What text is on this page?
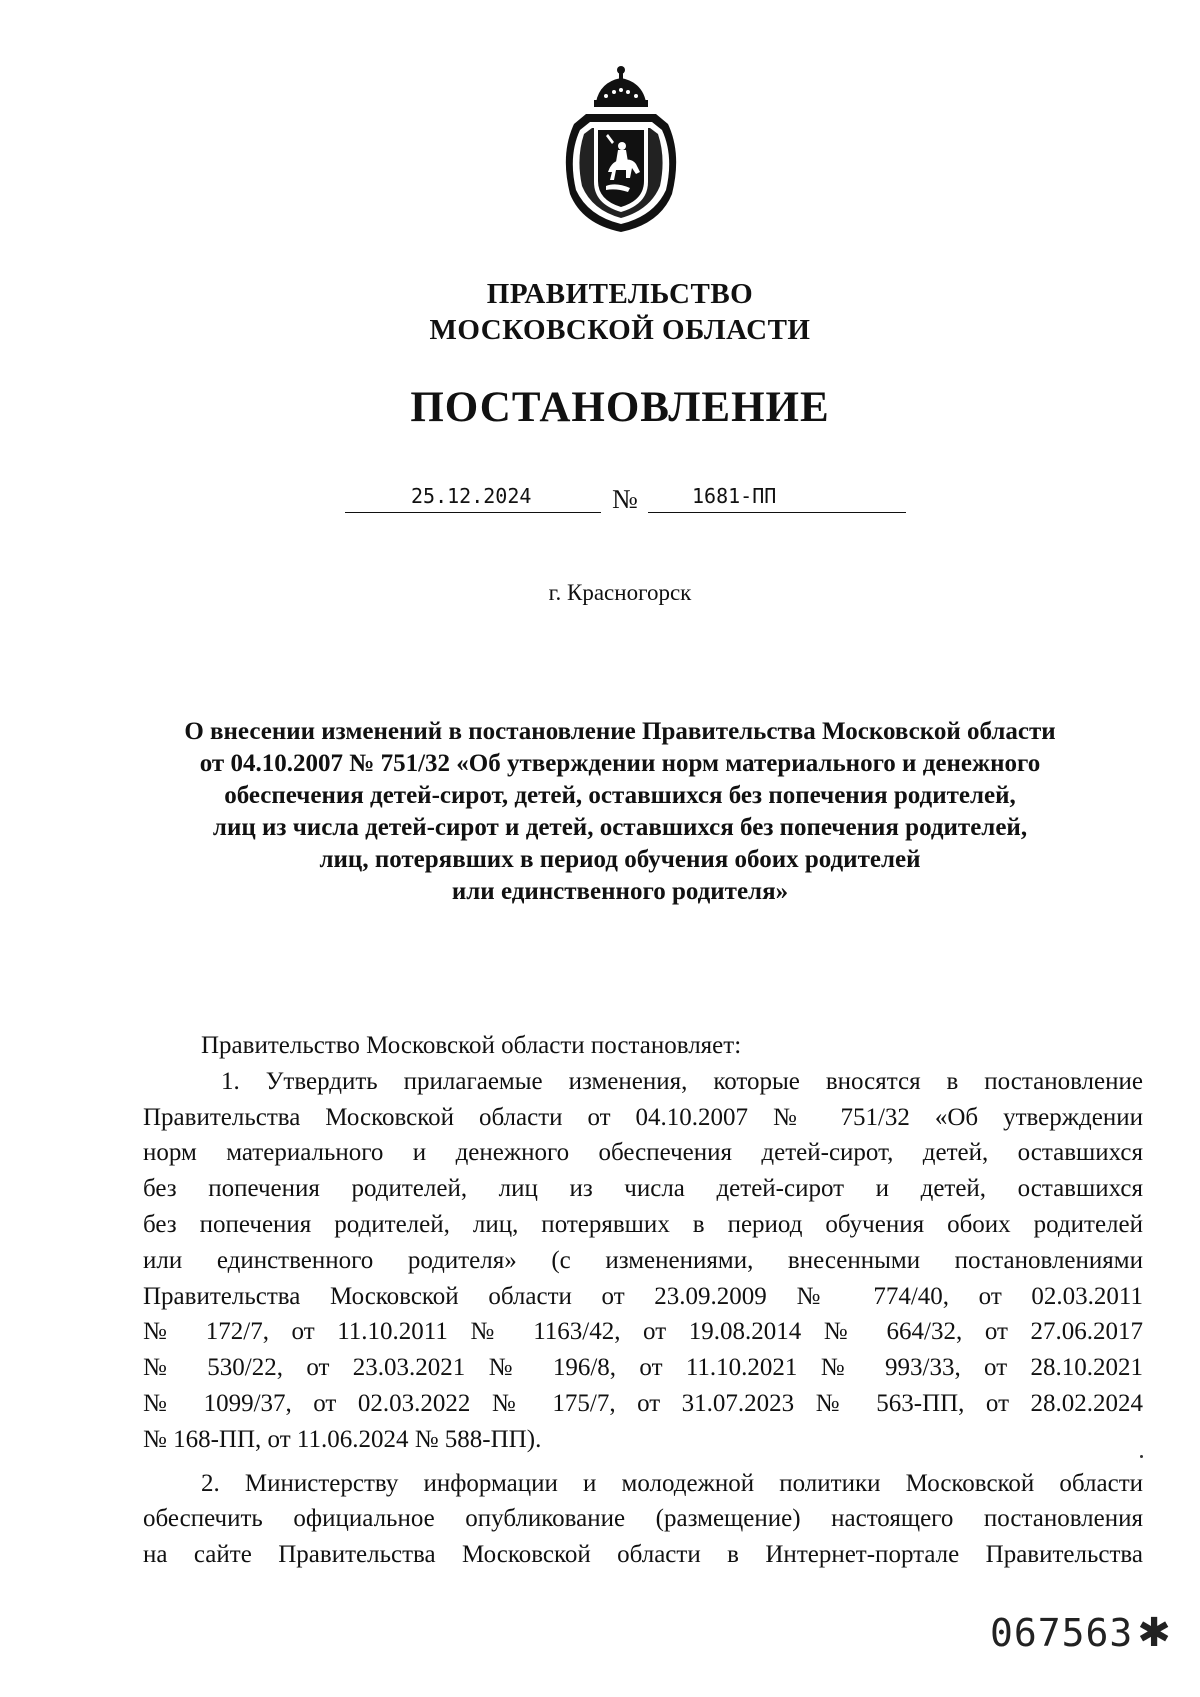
ПРАВИТЕЛЬСТВО
МОСКОВСКОЙ ОБЛАСТИ
ПОСТАНОВЛЕНИЕ
25.12.2024	№	1681-ПП
г. Красногорск
О внесении изменений в постановление Правительства Московской области
от 04.10.2007 № 751/32 «Об утверждении норм материального и денежного
обеспечения детей-сирот, детей, оставшихся без попечения родителей,
лиц из числа детей-сирот и детей, оставшихся без попечения родителей,
лиц, потерявших в период обучения обоих родителей
или единственного родителя»
Правительство Московской области постановляет:
1. Утвердить прилагаемые изменения, которые вносятся в постановление
Правительства Московской области от 04.10.2007 № 751/32 «Об утверждении
норм материального и денежного обеспечения детей-сирот, детей, оставшихся
без попечения родителей, лиц из числа детей-сирот и детей, оставшихся
без попечения родителей, лиц, потерявших в период обучения обоих родителей
или единственного родителя» (с изменениями, внесенными постановлениями
Правительства Московской области от 23.09.2009 № 774/40, от 02.03.2011
№ 172/7, от 11.10.2011 № 1163/42, от 19.08.2014 № 664/32, от 27.06.2017
№ 530/22, от 23.03.2021 № 196/8, от 11.10.2021 № 993/33, от 28.10.2021
№ 1099/37, от 02.03.2022 № 175/7, от 31.07.2023 № 563-ПП, от 28.02.2024
№ 168-ПП, от 11.06.2024 № 588-ПП).
2. Министерству информации и молодежной политики Московской области
обеспечить официальное опубликование (размещение) настоящего постановления
на сайте Правительства Московской области в Интернет-портале Правительства
067563 ✱
